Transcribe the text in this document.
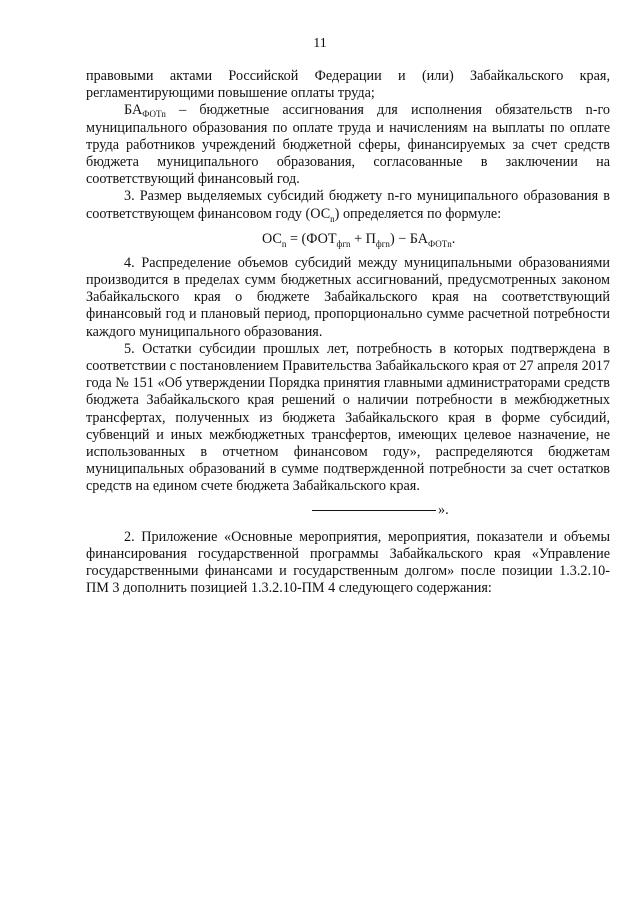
11

правовыми актами Российской Федерации и (или) Забайкальского края, регламентирующими повышение оплаты труда;

$БА_{ФОТn}$ – бюджетные ассигнования для исполнения обязательств n-го муниципального образования по оплате труда и начислениям на выплаты по оплате труда работников учреждений бюджетной сферы, финансируемых за счет средств бюджета муниципального образования, согласованные в заключении на соответствующий финансовый год.

3. Размер выделяемых субсидий бюджету n-го муниципального образования в соответствующем финансовом году $(ОС_n)$ определяется по формуле:

$ОС_n = (ФОТ_{фгn} + П_{фгn}) - БА_{ФОТn}$.

4. Распределение объемов субсидий между муниципальными образованиями производится в пределах сумм бюджетных ассигнований, предусмотренных законом Забайкальского края о бюджете Забайкальского края на соответствующий финансовый год и плановый период, пропорционально сумме расчетной потребности каждого муниципального образования.

5. Остатки субсидии прошлых лет, потребность в которых подтверждена в соответствии с постановлением Правительства Забайкальского края от 27 апреля 2017 года № 151 «Об утверждении Порядка принятия главными администраторами средств бюджета Забайкальского края решений о наличии потребности в межбюджетных трансфертах, полученных из бюджета Забайкальского края в форме субсидий, субвенций и иных межбюджетных трансфертов, имеющих целевое назначение, не использованных в отчетном финансовом году», распределяются бюджетам муниципальных образований в сумме подтвержденной потребности за счет остатков средств на едином счете бюджета Забайкальского края.

».

2. Приложение «Основные мероприятия, мероприятия, показатели и объемы финансирования государственной программы Забайкальского края «Управление государственными финансами и государственным долгом» после позиции 1.3.2.10-ПМ 3 дополнить позицией 1.3.2.10-ПМ 4 следующего содержания:
